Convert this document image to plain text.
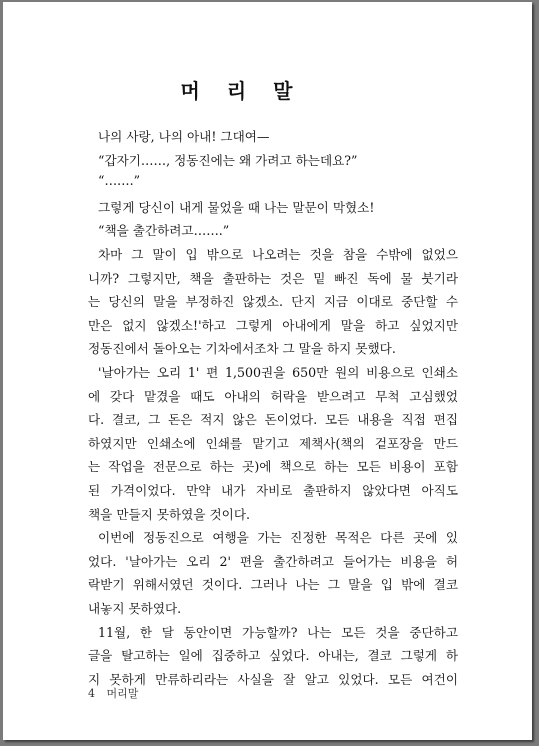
머 리 말
나의 사랑, 나의 아내! 그대여—
“갑자기……, 정동진에는 왜 가려고 하는데요?”
“…….”
그렇게 당신이 내게 물었을 때 나는 말문이 막혔소!
“책을 출간하려고…….”
차마 그 말이 입 밖으로 나오려는 것을 참을 수밖에 없었으
니까? 그렇지만, 책을 출판하는 것은 밑 빠진 독에 물 붓기라
는 당신의 말을 부정하진 않겠소. 단지 지금 이대로 중단할 수
만은 없지 않겠소!'하고 그렇게 아내에게 말을 하고 싶었지만
정동진에서 돌아오는 기차에서조차 그 말을 하지 못했다.
'날아가는 오리 1' 편 1,500권을 650만 원의 비용으로 인쇄소
에 갖다 맡겼을 때도 아내의 허락을 받으려고 무척 고심했었
다. 결코, 그 돈은 적지 않은 돈이었다. 모든 내용을 직접 편집
하였지만 인쇄소에 인쇄를 맡기고 제책사(책의 겉포장을 만드
는 작업을 전문으로 하는 곳)에 책으로 하는 모든 비용이 포함
된 가격이었다. 만약 내가 자비로 출판하지 않았다면 아직도
책을 만들지 못하였을 것이다.
이번에 정동진으로 여행을 가는 진정한 목적은 다른 곳에 있
었다. '날아가는 오리 2' 편을 출간하려고 들어가는 비용을 허
락받기 위해서였던 것이다. 그러나 나는 그 말을 입 밖에 결코
내놓지 못하였다.
11월, 한 달 동안이면 가능할까? 나는 모든 것을 중단하고
글을 탈고하는 일에 집중하고 싶었다. 아내는, 결코 그렇게 하
지 못하게 만류하리라는 사실을 잘 알고 있었다. 모든 여건이
4 머리말
